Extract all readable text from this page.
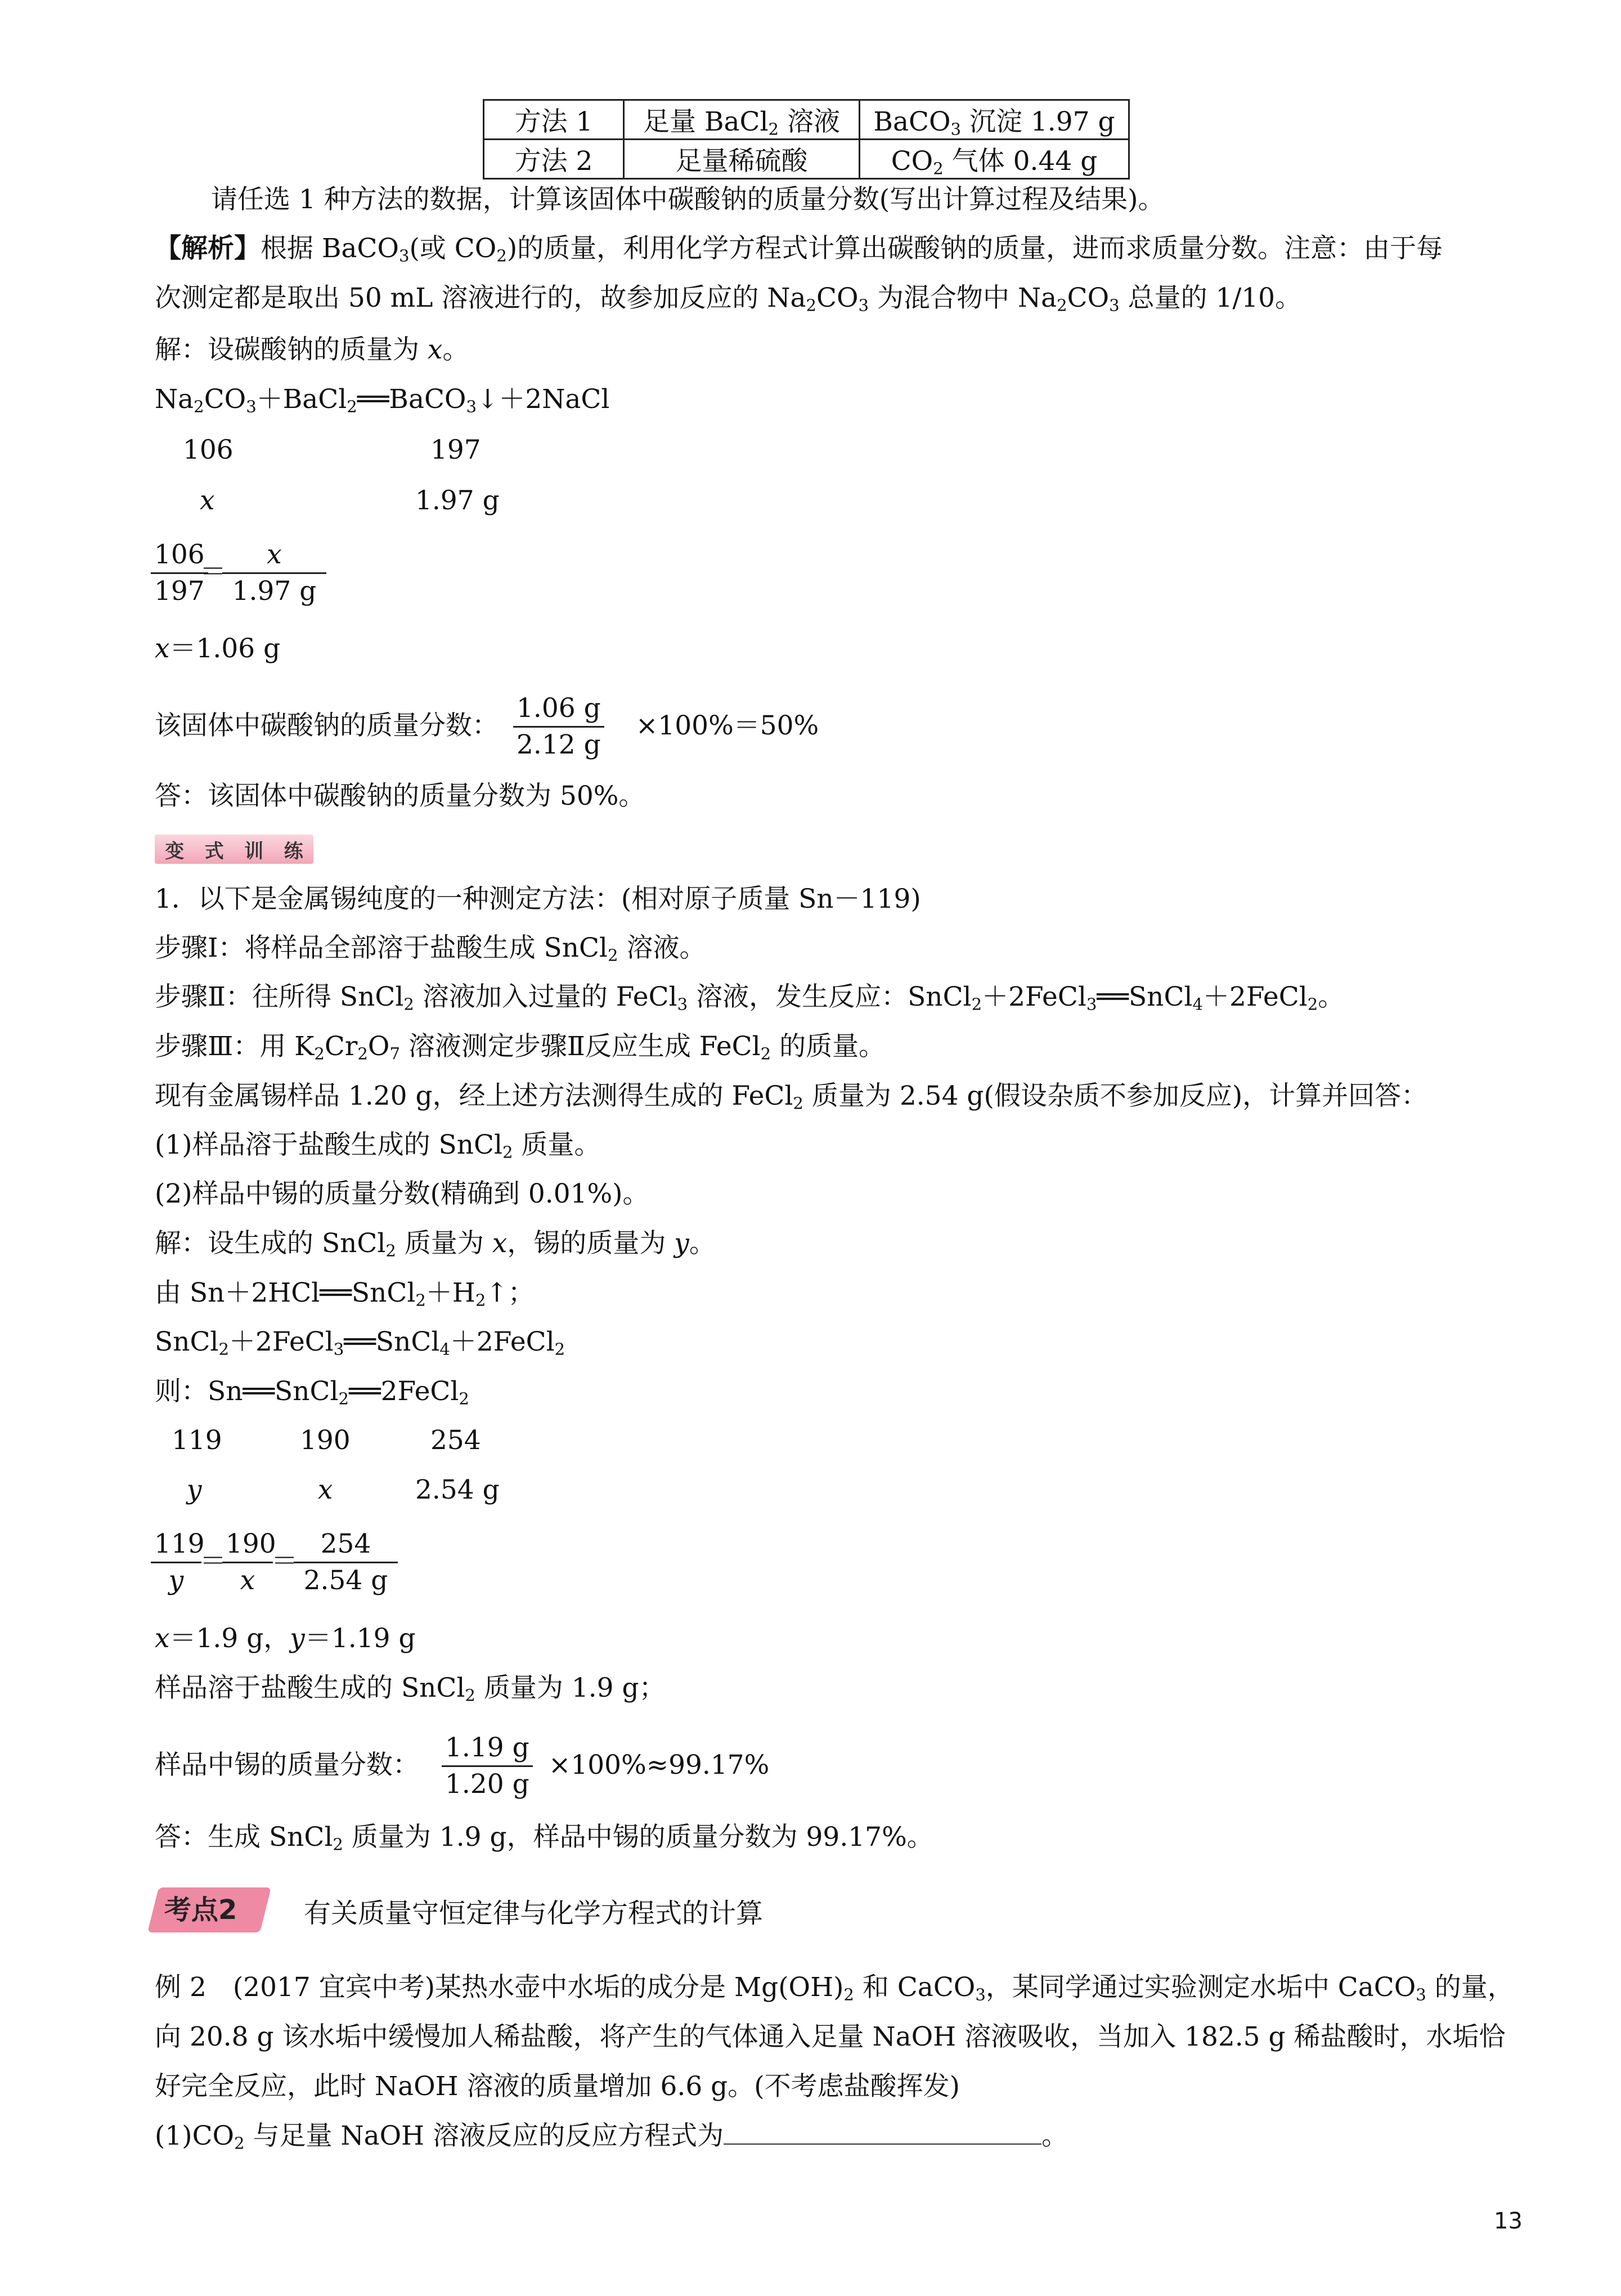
方法 1	足量 BaCl$_2$ 溶液	BaCO$_3$ 沉淀 1.97 g
方法 2	足量稀硫酸	$CO_2$ 气体 0.44 g
请任选 1 种方法的数据，计算该固体中碳酸钠的质量分数(写出计算过程及结果)。
【解析】根据 BaCO$_3$(或 $CO_2$)的质量，利用化学方程式计算出碳酸钠的质量，进而求质量分数。注意：由于每
次测定都是取出 50 mL 溶液进行的，故参加反应的 $Na_2CO_3$ 为混合物中 $Na_2CO_3$ 总量的 1/10。
解：设碳酸钠的质量为 x。
$Na_2CO_3+BaCl_2══BaCO_3↓+2NaCl$
106	197
x	1.97 g
$\frac{106}{197}$
＝
$\frac{x}{1.97 g}$
x＝1.06 g
该固体中碳酸钠的质量分数： $\frac{1.06 g}{2.12 g} \times 100\%=50\%$
答：该固体中碳酸钠的质量分数为 50%。
变 式 训 练
1．以下是金属锡纯度的一种测定方法：(相对原子质量 Sn－119)
步骤Ⅰ：将样品全部溶于盐酸生成 SnCl$_2$ 溶液。
步骤Ⅱ：往所得 SnCl$_2$ 溶液加入过量的 FeCl$_3$ 溶液，发生反应：SnCl$_2$＋2FeCl$_3$══SnCl$_4$＋2FeCl$_2$。
步骤Ⅲ：用 $K_2Cr_2O_7$ 溶液测定步骤Ⅱ反应生成 FeCl$_2$ 的质量。
现有金属锡样品 1.20 g，经上述方法测得生成的 FeCl$_2$ 质量为 2.54 g(假设杂质不参加反应)，计算并回答：
(1)样品溶于盐酸生成的 SnCl$_2$ 质量。
(2)样品中锡的质量分数(精确到 0.01%)。
解：设生成的 SnCl$_2$ 质量为 x，锡的质量为 y。
由 $Sn+2HCl══SnCl_2+H_2↑$；
SnCl$_2$＋2FeCl$_3$══SnCl$_4$＋2FeCl$_2$
则：Sn══SnCl$_2$══2FeCl$_2$
119	190	254
y	x	2.54 g
$\frac{119}{y}$
＝
$\frac{190}{x}$
＝
$\frac{254}{2.54 g}$
x＝1.9 g，y＝1.19 g
样品溶于盐酸生成的 SnCl$_2$ 质量为 1.9 g；
样品中锡的质量分数： $\frac{1.19 g}{1.20 g} \times 100\%\approx 99.17\%$
答：生成 SnCl$_2$ 质量为 1.9 g，样品中锡的质量分数为 99.17%。
考点2 有关质量守恒定律与化学方程式的计算
例 2　(2017 宜宾中考)某热水壶中水垢的成分是 $Mg(OH)_2$ 和 CaCO$_3$，某同学通过实验测定水垢中 CaCO$_3$ 的量，
向 20.8 g 该水垢中缓慢加人稀盐酸，将产生的气体通入足量 NaOH 溶液吸收，当加入 182.5 g 稀盐酸时，水垢恰
好完全反应，此时 NaOH 溶液的质量增加 6.6 g。(不考虑盐酸挥发)
$(1)CO_2$ 与足量 NaOH 溶液反应的反应方程式为	。
13
